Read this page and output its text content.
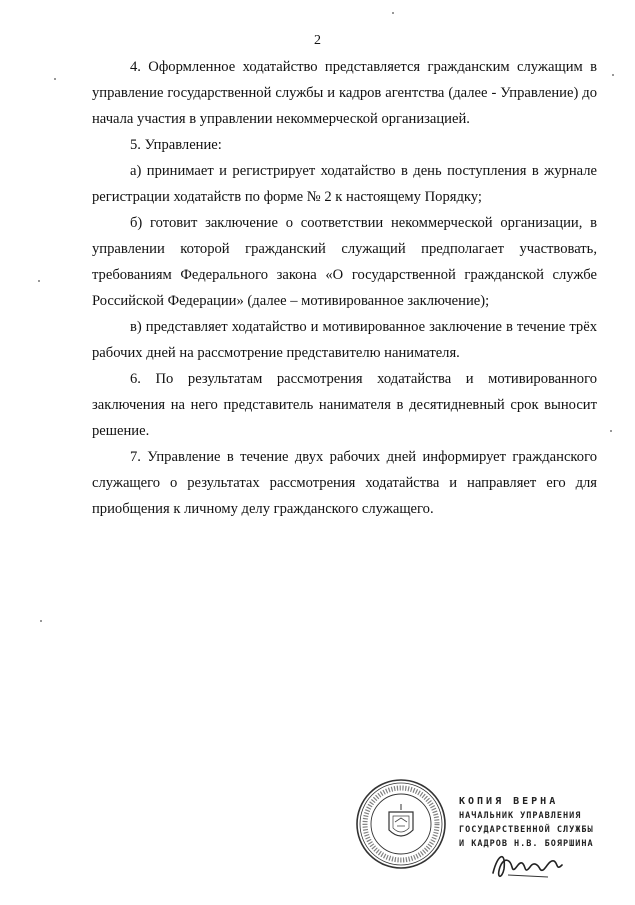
2

4. Оформленное ходатайство представляется гражданским служащим в управление государственной службы и кадров агентства (далее - Управление) до начала участия в управлении некоммерческой организацией.

5. Управление:

а) принимает и регистрирует ходатайство в день поступления в журнале регистрации ходатайств по форме № 2 к настоящему Порядку;

б) готовит заключение о соответствии некоммерческой организации, в управлении которой гражданский служащий предполагает участвовать, требованиям Федерального закона «О государственной гражданской службе Российской Федерации» (далее – мотивированное заключение);

в) представляет ходатайство и мотивированное заключение в течение трёх рабочих дней на рассмотрение представителю нанимателя.

6. По результатам рассмотрения ходатайства и мотивированного заключения на него представитель нанимателя в десятидневный срок выносит решение.

7. Управление в течение двух рабочих дней информирует гражданского служащего о результатах рассмотрения ходатайства и направляет его для приобщения к личному делу гражданского служащего.

КОПИЯ ВЕРНА
НАЧАЛЬНИК УПРАВЛЕНИЯ
ГОСУДАРСТВЕННОЙ СЛУЖБЫ
И КАДРОВ Н.В. БОЯРШИНА
